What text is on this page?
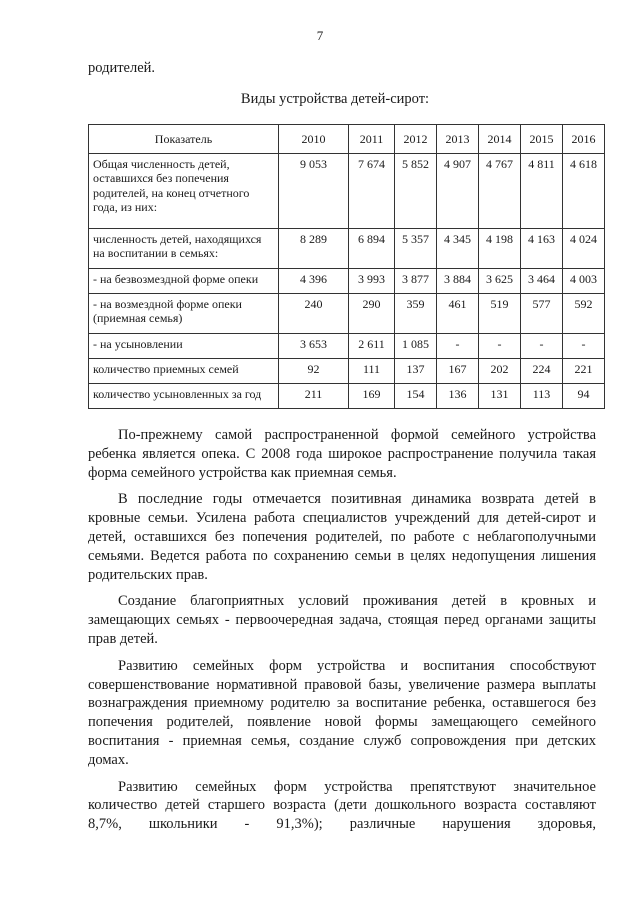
7
родителей.
Виды устройства детей-сирот:
Показатель	2010	2011	2012	2013	2014	2015	2016
Общая численность детей, оставшихся без попечения родителей, на конец отчетного года, из них:	9 053	7 674	5 852	4 907	4 767	4 811	4 618
численность детей, находящихся на воспитании в семьях:	8 289	6 894	5 357	4 345	4 198	4 163	4 024
- на безвозмездной форме опеки	4 396	3 993	3 877	3 884	3 625	3 464	4 003
- на возмездной форме опеки (приемная семья)	240	290	359	461	519	577	592
- на усыновлении	3 653	2 611	1 085	-	-	-	-
количество приемных семей	92	111	137	167	202	224	221
количество усыновленных за год	211	169	154	136	131	113	94

По-прежнему самой распространенной формой семейного устройства ребенка является опека. С 2008 года широкое распространение получила такая форма семейного устройства как приемная семья.

В последние годы отмечается позитивная динамика возврата детей в кровные семьи. Усилена работа специалистов учреждений для детей-сирот и детей, оставшихся без попечения родителей, по работе с неблагополучными семьями. Ведется работа по сохранению семьи в целях недопущения лишения родительских прав.

Создание благоприятных условий проживания детей в кровных и замещающих семьях - первоочередная задача, стоящая перед органами защиты прав детей.

Развитию семейных форм устройства и воспитания способствуют совершенствование нормативной правовой базы, увеличение размера выплаты вознаграждения приемному родителю за воспитание ребенка, оставшегося без попечения родителей, появление новой формы замещающего семейного воспитания - приемная семья, создание служб сопровождения при детских домах.

Развитию семейных форм устройства препятствуют значительное количество детей старшего возраста (дети дошкольного возраста составляют 8,7%, школьники - 91,3%); различные нарушения здоровья,
